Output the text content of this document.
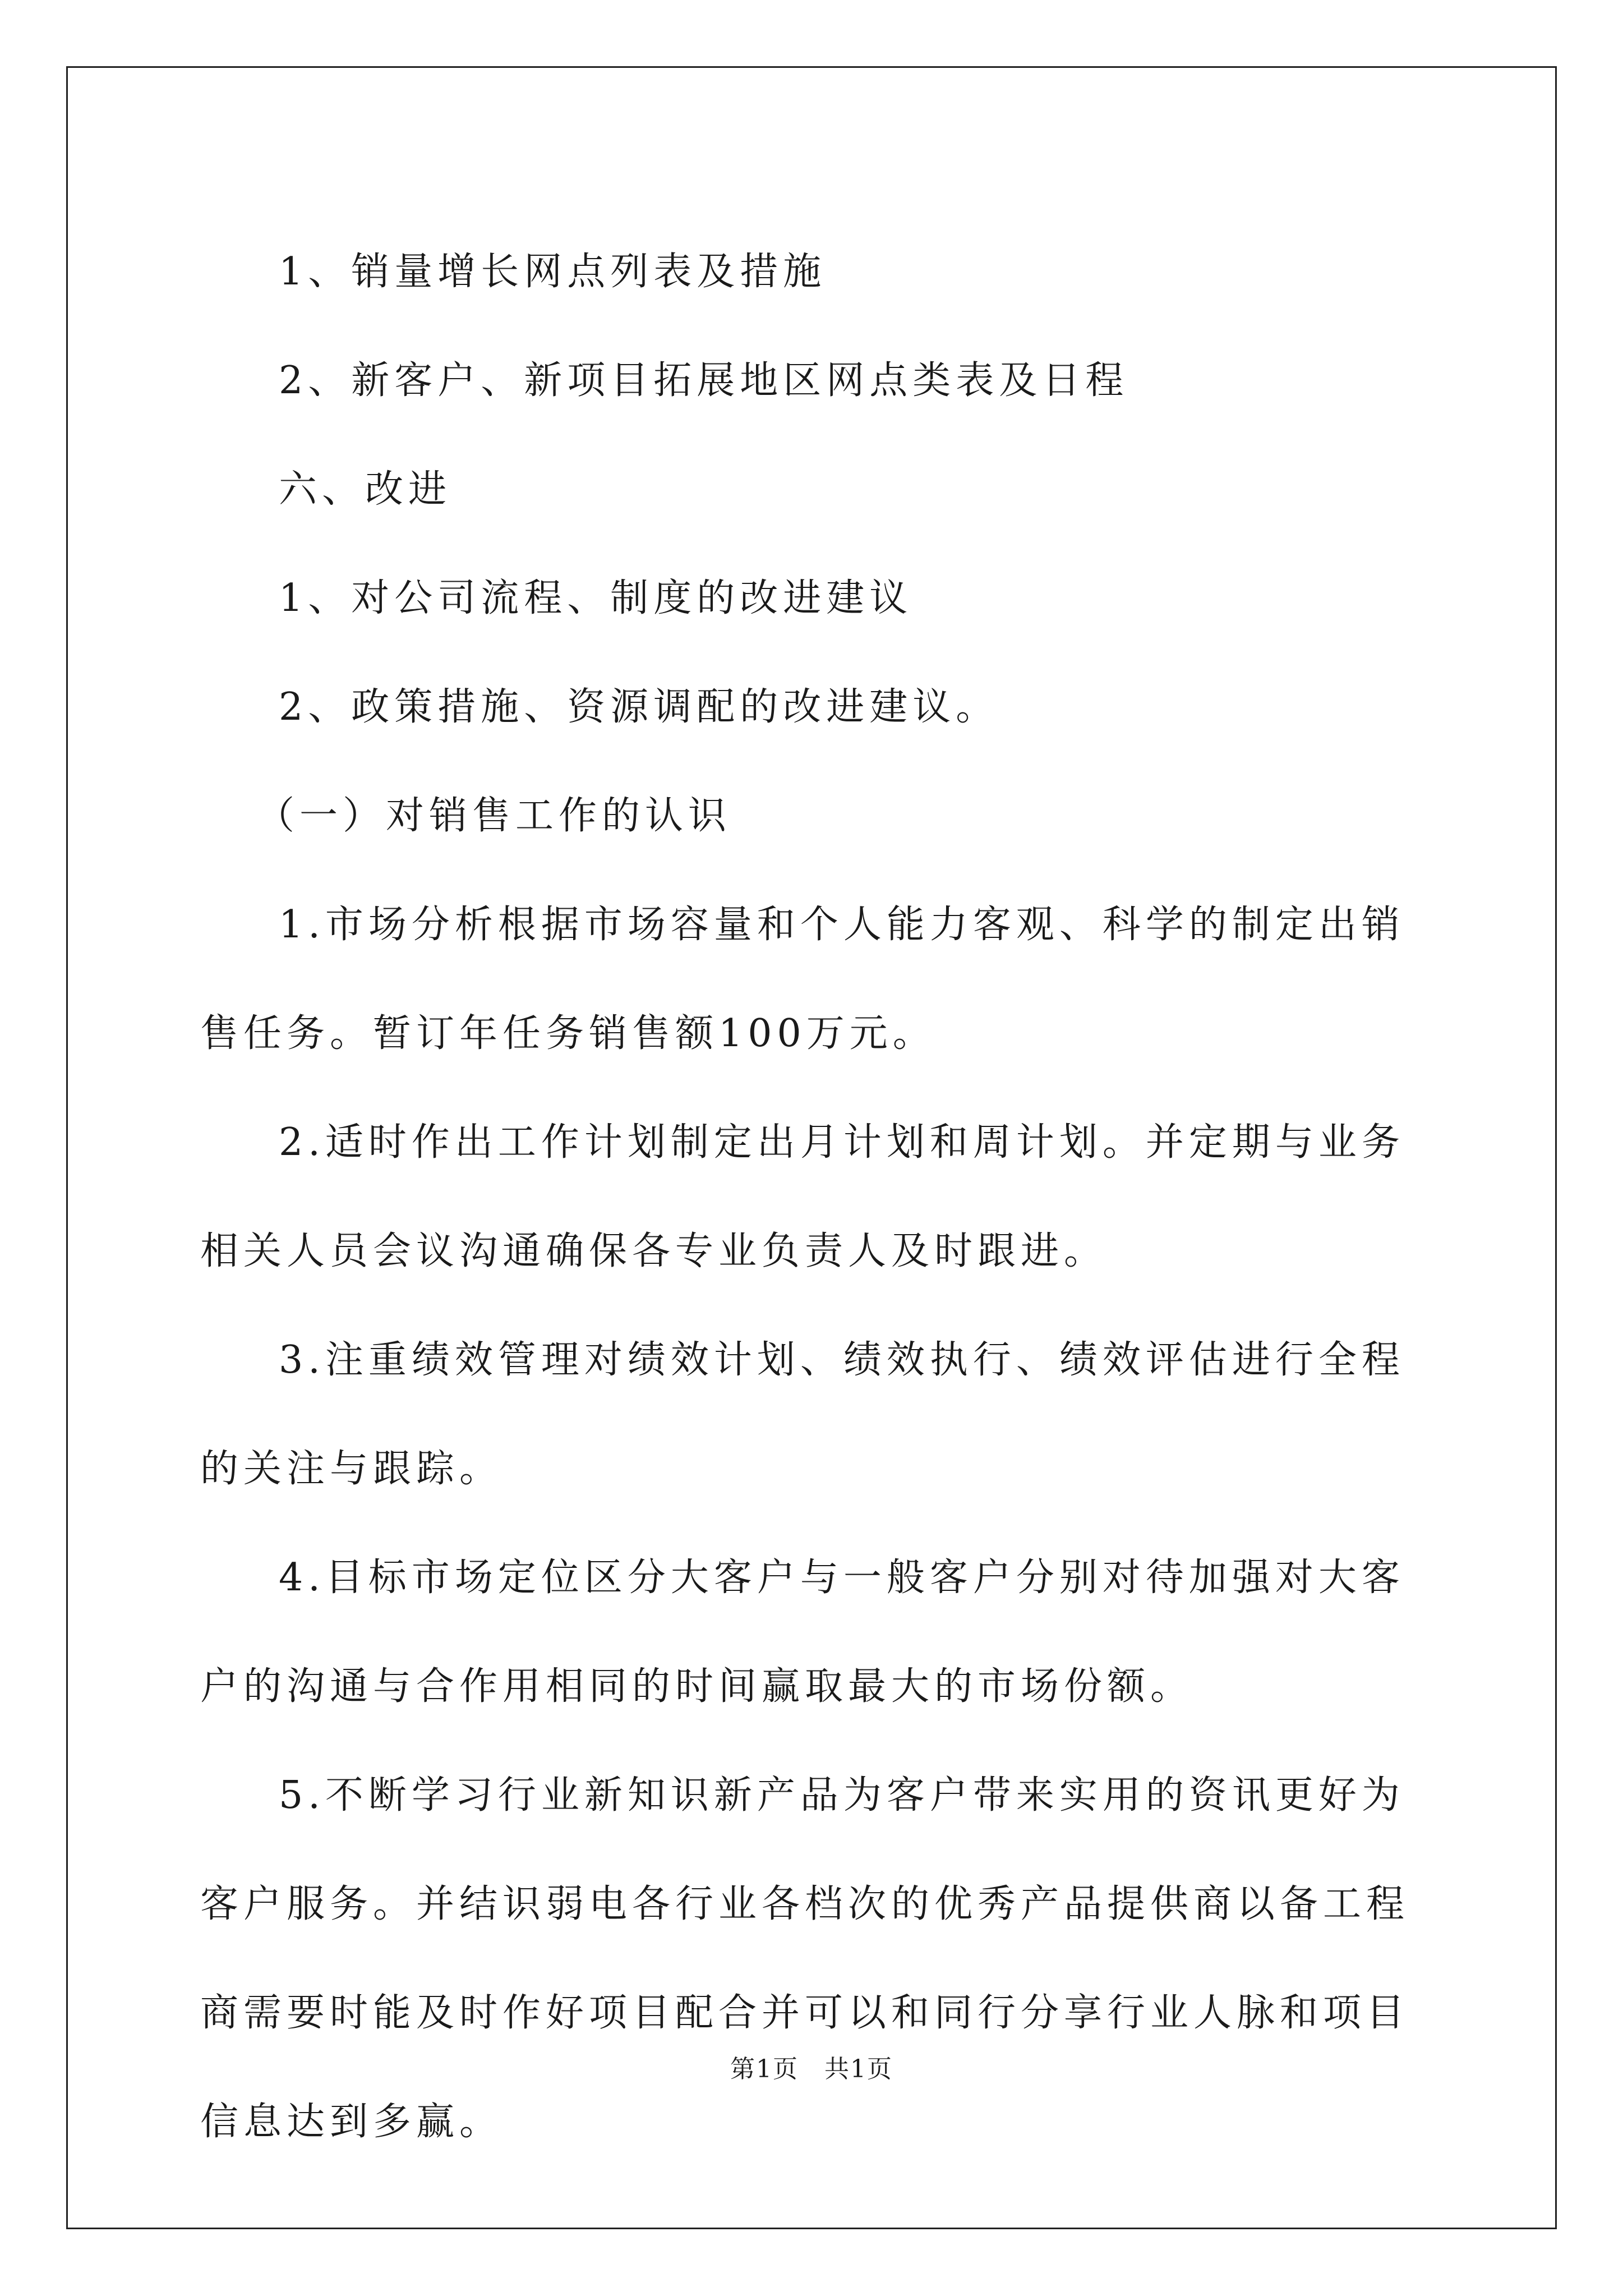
1、销量增长网点列表及措施

2、新客户、新项目拓展地区网点类表及日程

六、改进

1、对公司流程、制度的改进建议

2、政策措施、资源调配的改进建议。

（一）对销售工作的认识

1.市场分析根据市场容量和个人能力客观、科学的制定出销售任务。暂订年任务销售额100万元。

2.适时作出工作计划制定出月计划和周计划。并定期与业务相关人员会议沟通确保各专业负责人及时跟进。

3.注重绩效管理对绩效计划、绩效执行、绩效评估进行全程的关注与跟踪。

4.目标市场定位区分大客户与一般客户分别对待加强对大客户的沟通与合作用相同的时间赢取最大的市场份额。

5.不断学习行业新知识新产品为客户带来实用的资讯更好为客户服务。并结识弱电各行业各档次的优秀产品提供商以备工程商需要时能及时作好项目配合并可以和同行分享行业人脉和项目信息达到多赢。

第1页　共1页
